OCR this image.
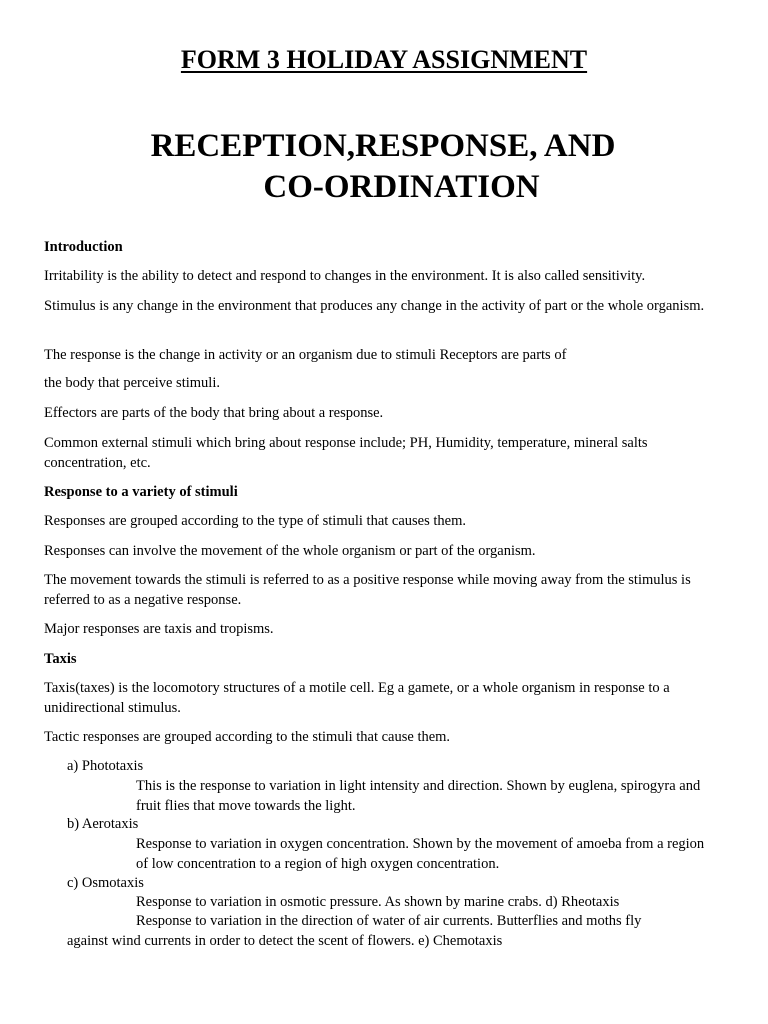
FORM 3 HOLIDAY ASSIGNMENT
RECEPTION,RESPONSE, AND
CO-ORDINATION

Introduction

Irritability is the ability to detect and respond to changes in the environment. It is also called sensitivity.

Stimulus is any change in the environment that produces any change in the activity of part or the whole organism.

The response is the change in activity or an organism due to stimuli Receptors are parts of

the body that perceive stimuli.

Effectors are parts of the body that bring about a response.

Common external stimuli which bring about response include; PH, Humidity, temperature, mineral salts concentration, etc.

Response to a variety of stimuli

Responses are grouped according to the type of stimuli that causes them.

Responses can involve the movement of the whole organism or part of the organism.

The movement towards the stimuli is referred to as a positive response while moving away from the stimulus is referred to as a negative response.

Major responses are taxis and tropisms.

Taxis

Taxis(taxes) is the locomotory structures of a motile cell. Eg a gamete, or a whole organism in response to a unidirectional stimulus.

Tactic responses are grouped according to the stimuli that cause them.

a) Phototaxis
This is the response to variation in light intensity and direction. Shown by euglena, spirogyra and fruit flies that move towards the light.
b) Aerotaxis
Response to variation in oxygen concentration. Shown by the movement of amoeba from a region of low concentration to a region of high oxygen concentration.
c) Osmotaxis
Response to variation in osmotic pressure. As shown by marine crabs. d) Rheotaxis
Response to variation in the direction of water of air currents. Butterflies and moths fly
against wind currents in order to detect the scent of flowers. e) Chemotaxis
